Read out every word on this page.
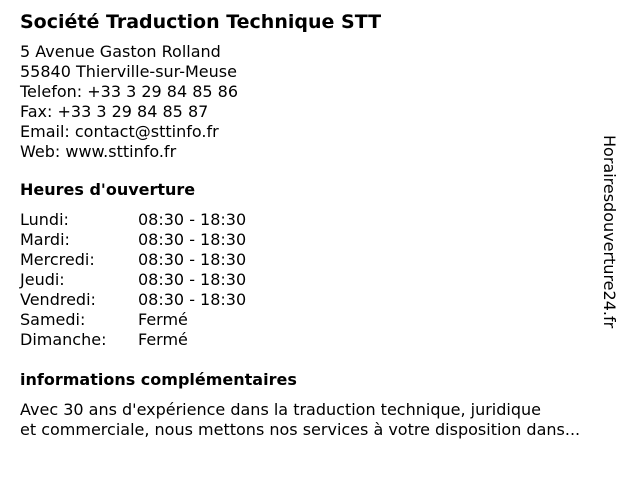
Société Traduction Technique STT
5 Avenue Gaston Rolland
55840 Thierville-sur-Meuse
Telefon: +33 3 29 84 85 86
Fax: +33 3 29 84 85 87
Email: contact@sttinfo.fr
Web: www.sttinfo.fr
Heures d'ouverture
Lundi:	08:30 - 18:30
Mardi:	08:30 - 18:30
Mercredi:	08:30 - 18:30
Jeudi:	08:30 - 18:30
Vendredi:	08:30 - 18:30
Samedi:	Fermé
Dimanche:	Fermé
informations complémentaires
Avec 30 ans d'expérience dans la traduction technique, juridique
et commerciale, nous mettons nos services à votre disposition dans...
Horairesdouverture24.fr
